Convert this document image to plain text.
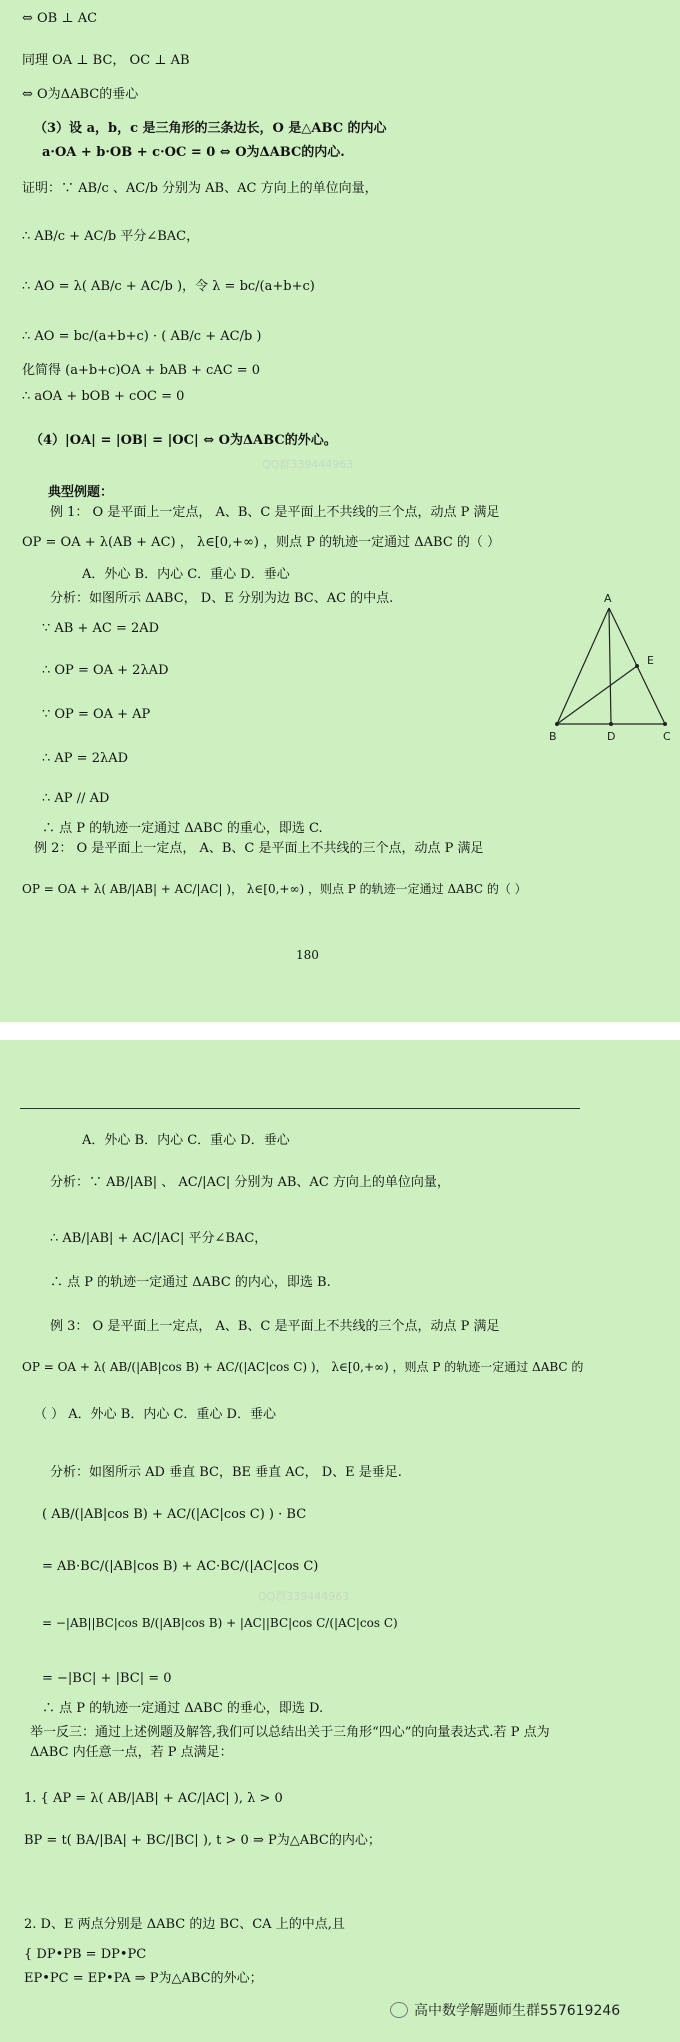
⇔ OB ⊥ AC
同理 OA ⊥ BC， OC ⊥ AB
⇔ O为ΔABC的垂心
（3）设 a，b，c 是三角形的三条边长，O 是△ABC 的内心
a·OA + b·OB + c·OC = 0 ⇔ O为ΔABC的内心.
证明：∵ AB/c 、AC/b 分别为 AB、AC 方向上的单位向量，
∴ AB/c + AC/b 平分∠BAC，
∴ AO = λ( AB/c + AC/b )，令 λ = bc/(a+b+c)
∴ AO = bc/(a+b+c) · ( AB/c + AC/b )
化简得 (a+b+c)OA + bAB + cAC = 0
∴ aOA + bOB + cOC = 0
（4）|OA| = |OB| = |OC| ⇔ O为ΔABC的外心。
QQ群339444963
典型例题：
例 1： O 是平面上一定点， A、B、C 是平面上不共线的三个点，动点 P 满足
OP = OA + λ(AB + AC) ， λ∈[0,+∞) ，则点 P 的轨迹一定通过 ΔABC 的（ ）
A．外心 B．内心 C．重心 D．垂心
分析：如图所示 ΔABC， D、E 分别为边 BC、AC 的中点.
∵ AB + AC = 2AD
∴ OP = OA + 2λAD
∵ OP = OA + AP
∴ AP = 2λAD
∴ AP // AD
∴ 点 P 的轨迹一定通过 ΔABC 的重心，即选 C.
例 2： O 是平面上一定点， A、B、C 是平面上不共线的三个点，动点 P 满足
OP = OA + λ( AB/|AB| + AC/|AC| )， λ∈[0,+∞) ，则点 P 的轨迹一定通过 ΔABC 的（ ）
180
A
E
B	D	C
A．外心 B．内心 C．重心 D．垂心
分析：∵ AB/|AB| 、 AC/|AC| 分别为 AB、AC 方向上的单位向量，
∴ AB/|AB| + AC/|AC| 平分∠BAC，
∴ 点 P 的轨迹一定通过 ΔABC 的内心，即选 B.
例 3： O 是平面上一定点， A、B、C 是平面上不共线的三个点，动点 P 满足
OP = OA + λ( AB/(|AB|cos B) + AC/(|AC|cos C) )， λ∈[0,+∞) ，则点 P 的轨迹一定通过 ΔABC 的
（ ） A．外心 B．内心 C．重心 D．垂心
分析：如图所示 AD 垂直 BC，BE 垂直 AC， D、E 是垂足.
( AB/(|AB|cos B) + AC/(|AC|cos C) ) · BC
= AB·BC/(|AB|cos B) + AC·BC/(|AC|cos C)
QQ群339444963
= −|AB||BC|cos B/(|AB|cos B) + |AC||BC|cos C/(|AC|cos C)
= −|BC| + |BC| = 0
∴ 点 P 的轨迹一定通过 ΔABC 的垂心，即选 D.
举一反三：通过上述例题及解答,我们可以总结出关于三角形“四心”的向量表达式.若 P 点为
ΔABC 内任意一点，若 P 点满足：
1. { AP = λ( AB/|AB| + AC/|AC| ), λ > 0
BP = t( BA/|BA| + BC/|BC| ), t > 0 ⇒ P为△ABC的内心；
2. D、E 两点分别是 ΔABC 的边 BC、CA 上的中点,且
{ DP•PB = DP•PC
EP•PC = EP•PA ⇒ P为△ABC的外心；
高中数学解题师生群557619246
